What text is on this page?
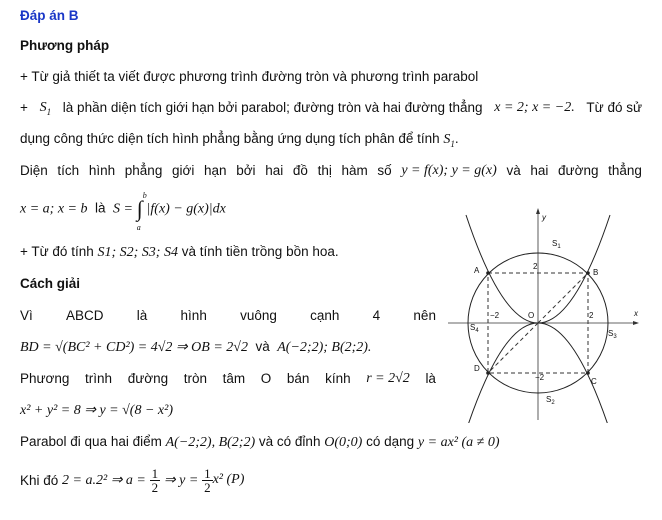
Đáp án B
Phương pháp
+ Từ giả thiết ta viết được phương trình đường tròn và phương trình parabol
+ $S_1$ là phần diện tích giới hạn bởi parabol; đường tròn và hai đường thẳng x = 2; x = −2. Từ đó sử
dụng công thức diện tích hình phẳng bằng ứng dụng tích phân để tính $S_1$.
Diện tích hình phẳng giới hạn bởi hai đồ thị hàm số y = f(x); y = g(x) và hai đường thẳng
x = a; x = b là S = ∫
b
a
|f(x) − g(x)|dx
+ Từ đó tính S1; S2; S3; S4 và tính tiền trồng bồn hoa.
Cách giải
Vì ABCD là hình vuông cạnh 4 nên
BD = √(BC² + CD²) = 4√2 ⇒ OB = 2√2 và A(−2;2); B(2;2).
Phương trình đường tròn tâm O bán kính r = 2√2 là
x² + y² = 8 ⇒ y = √(8 − x²)
Parabol đi qua hai điểm A(−2;2), B(2;2) và có đỉnh O(0;0) có dạng y = ax² (a ≠ 0)
Khi đó
2 = a.2² ⇒ a =
$\frac{1}{2}$
⇒ y =
$\frac{1}{2} x^2$ (P)
y
x
O
A	B
C
D
$S_1$
$S_2$
$S_3$
$S_4$
2
−2
2
−2
